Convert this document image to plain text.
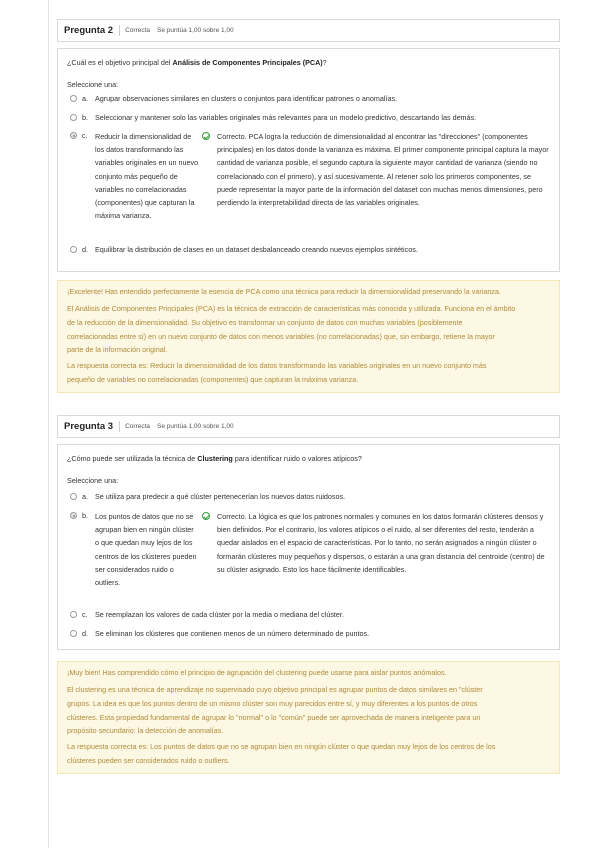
Pregunta 2 Correcta Se puntúa 1,00 sobre 1,00
¿Cuál es el objetivo principal del Análisis de Componentes Principales (PCA)?
Seleccione una:
a. Agrupar observaciones similares en clusters o conjuntos para identificar patrones o anomalías.
b. Seleccionar y mantener solo las variables originales más relevantes para un modelo predictivo, descartando las demás.
c. Reducir la dimensionalidad de los datos transformando las variables originales en un nuevo conjunto más pequeño de variables no correlacionadas (componentes) que capturan la máxima varianza.
Correcto. PCA logra la reducción de dimensionalidad al encontrar las "direcciones" (componentes principales) en los datos donde la varianza es máxima. El primer componente principal captura la mayor cantidad de varianza posible, el segundo captura la siguiente mayor cantidad de varianza (siendo no correlacionado con el primero), y así sucesivamente. Al retener solo los primeros componentes, se puede representar la mayor parte de la información del dataset con muchas menos dimensiones, pero perdiendo la interpretabilidad directa de las variables originales.
d. Equilibrar la distribución de clases en un dataset desbalanceado creando nuevos ejemplos sintéticos.
¡Excelente! Has entendido perfectamente la esencia de PCA como una técnica para reducir la dimensionalidad preservando la varianza.
El Análisis de Componentes Principales (PCA) es la técnica de extracción de características más conocida y utilizada. Funciona en el ámbito
de la reducción de la dimensionalidad. Su objetivo es transformar un conjunto de datos con muchas variables (posiblemente
correlacionadas entre sí) en un nuevo conjunto de datos con menos variables (no correlacionadas) que, sin embargo, retiene la mayor
parte de la información original.
La respuesta correcta es: Reducir la dimensionalidad de los datos transformando las variables originales en un nuevo conjunto más
pequeño de variables no correlacionadas (componentes) que capturan la máxima varianza.
Pregunta 3 Correcta Se puntúa 1,00 sobre 1,00
¿Cómo puede ser utilizada la técnica de Clustering para identificar ruido o valores atípicos?
Seleccione una:
a. Se utiliza para predecir a qué clúster pertenecerían los nuevos datos ruidosos.
b. Los puntos de datos que no se agrupan bien en ningún clúster o que quedan muy lejos de los centros de los clústeres pueden ser considerados ruido o outliers.
Correcto. La lógica es que los patrones normales y comunes en los datos formarán clústeres densos y bien definidos. Por el contrario, los valores atípicos o el ruido, al ser diferentes del resto, tenderán a quedar aislados en el espacio de características. Por lo tanto, no serán asignados a ningún clúster o formarán clústeres muy pequeños y dispersos, o estarán a una gran distancia del centroide (centro) de su clúster asignado. Esto los hace fácilmente identificables.
c. Se reemplazan los valores de cada clúster por la media o mediana del clúster.
d. Se eliminan los clústeres que contienen menos de un número determinado de puntos.
¡Muy bien! Has comprendido cómo el principio de agrupación del clustering puede usarse para aislar puntos anómalos.
El clustering es una técnica de aprendizaje no supervisado cuyo objetivo principal es agrupar puntos de datos similares en "clúster
grupos. La idea es que los puntos dentro de un mismo clúster son muy parecidos entre sí, y muy diferentes a los puntos de otros
clústeres. Esta propiedad fundamental de agrupar lo "normal" o lo "común" puede ser aprovechada de manera inteligente para un
propósito secundario: la detección de anomalías.
La respuesta correcta es: Los puntos de datos que no se agrupan bien en ningún clúster o que quedan muy lejos de los centros de los
clústeres pueden ser considerados ruido o outliers.
